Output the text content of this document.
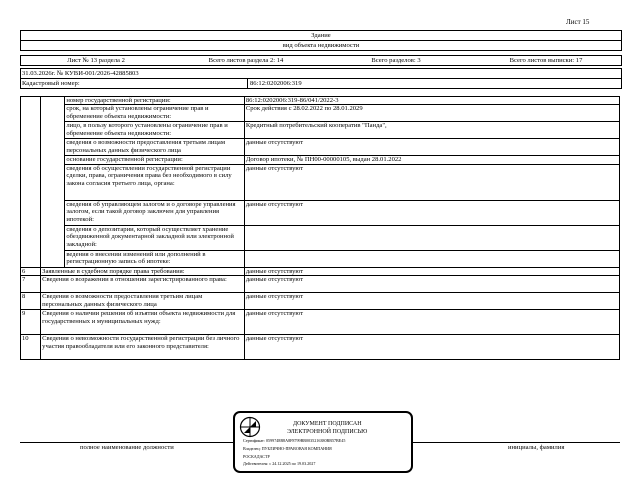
Лист 15
Здание
вид объекта недвижимости
Лист № 13 раздела 2	Всего листов раздела 2: 14	Всего разделов: 3	Всего листов выписки: 17
31.03.2026г. № КУВИ-001/2026-42885803
Кадастровый номер:	86:12:0202006:319
		номер государственной регистрации:	86:12:0202006:319-86/041/2022-3
		срок, на который установлены ограничение прав и обременение объекта недвижимости:	Срок действия с 28.02.2022 по 28.01.2029
		лицо, в пользу которого установлены ограничение прав и обременение объекта недвижимости:	Кредитный потребительский кооператив "Панда",
		сведения о возможности предоставления третьим лицам персональных данных физического лица	данные отсутствуют
		основание государственной регистрации:	Договор ипотеки, № ПН00-00000105, выдан 28.01.2022
		сведения об осуществлении государственной регистрации сделки, права, ограничения права без необходимого в силу закона согласия третьего лица, органа:	данные отсутствуют
		сведения об управляющем залогом и о договоре управления залогом, если такой договор заключен для управления ипотекой:	данные отсутствуют
		сведения о депозитарии, который осуществляет хранение обездвиженной документарной закладной или электронной закладной:	
		ведения о внесении изменений или дополнений в регистрационную запись об ипотеке:	
6	Заявленные в судебном порядке права требования:		данные отсутствуют
7	Сведения о возражении в отношении зарегистрированного права:		данные отсутствуют
8	Сведения о возможности предоставления третьим лицам персональных данных физического лица		данные отсутствуют
9	Сведения о наличии решения об изъятии объекта недвижимости для государственных и муниципальных нужд:		данные отсутствуют
10	Сведения о невозможности государственной регистрации без личного участия правообладателя или его законного представителя:		данные отсутствуют
полное наименование должности	инициалы, фамилия
ДОКУМЕНТ ПОДПИСАН
ЭЛЕКТРОННОЙ ПОДПИСЬЮ
Сертификат: 0599748B8A8F8799BB0035216380BB57BE45
Владелец: ПУБЛИЧНО-ПРАВОВАЯ КОМПАНИЯ
РОСКАДАСТР
Действителен: с 24.12.2025 по 19.03.2027
